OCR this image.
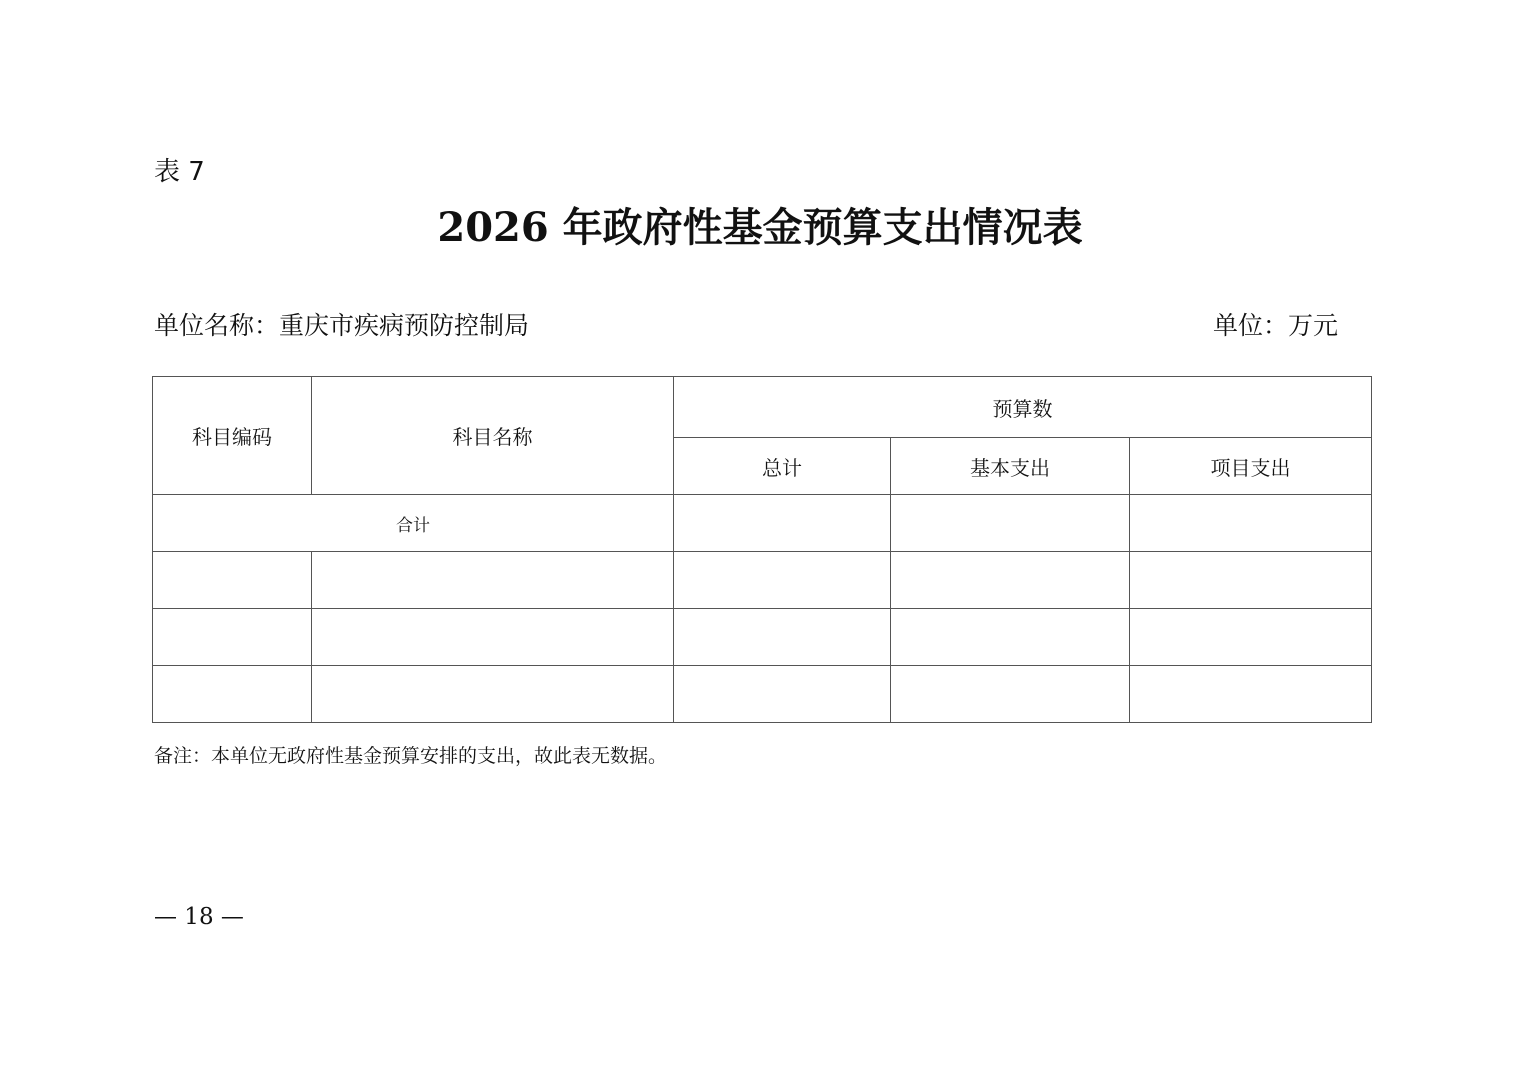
表 7
2026 年政府性基金预算支出情况表
单位名称：重庆市疾病预防控制局	单位：万元
科目编码	科目名称	预算数		
		总计	基本支出	项目支出
合计				

备注：本单位无政府性基金预算安排的支出，故此表无数据。
— 18 —
